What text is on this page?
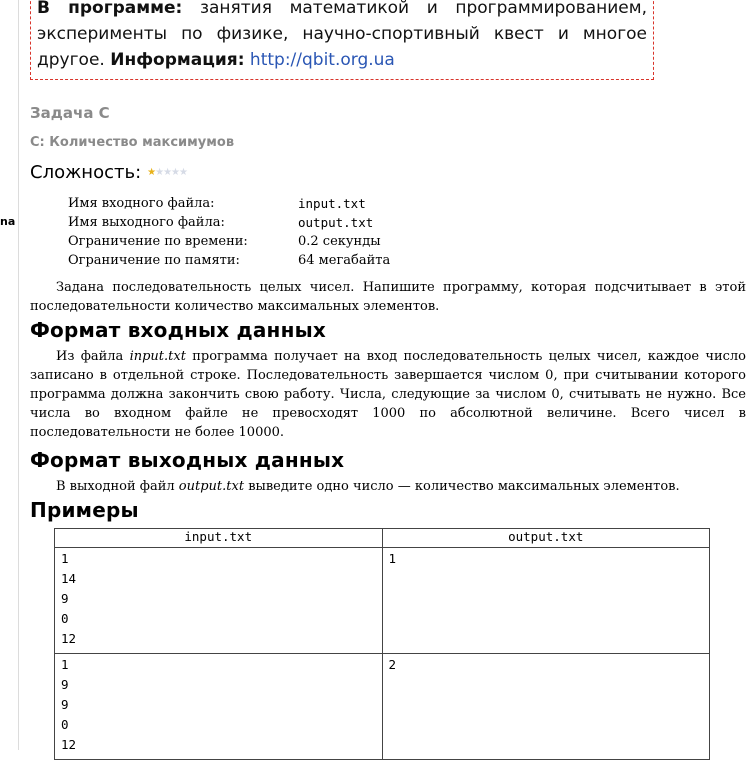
na
В программе: занятия математикой и программированием, эксперименты по физике, научно-спортивный квест и многое другое. Информация: http://qbit.org.ua
Задача C
C: Количество максимумов
Сложность: ★ ★ ★ ★ ★
Имя входного файла:	input.txt
Имя выходного файла:	output.txt
Ограничение по времени:	0.2 секунды
Ограничение по памяти:	64 мегабайта
Задана последовательность целых чисел. Напишите программу, которая подсчитывает в этой последовательности количество максимальных элементов.
Формат входных данных
Из файла input.txt программа получает на вход последовательность целых чисел, каждое число записано в отдельной строке. Последовательность завершается числом 0, при считывании которого программа должна закончить свою работу. Числа, следующие за числом 0, считывать не нужно. Все числа во входном файле не превосходят 1000 по абсолютной величине. Всего чисел в последовательности не более 10000.
Формат выходных данных
В выходной файл output.txt выведите одно число — количество максимальных элементов.
Примеры
input.txt	output.txt

1
14
9
0
12	1

1
9
9
0
12	2
